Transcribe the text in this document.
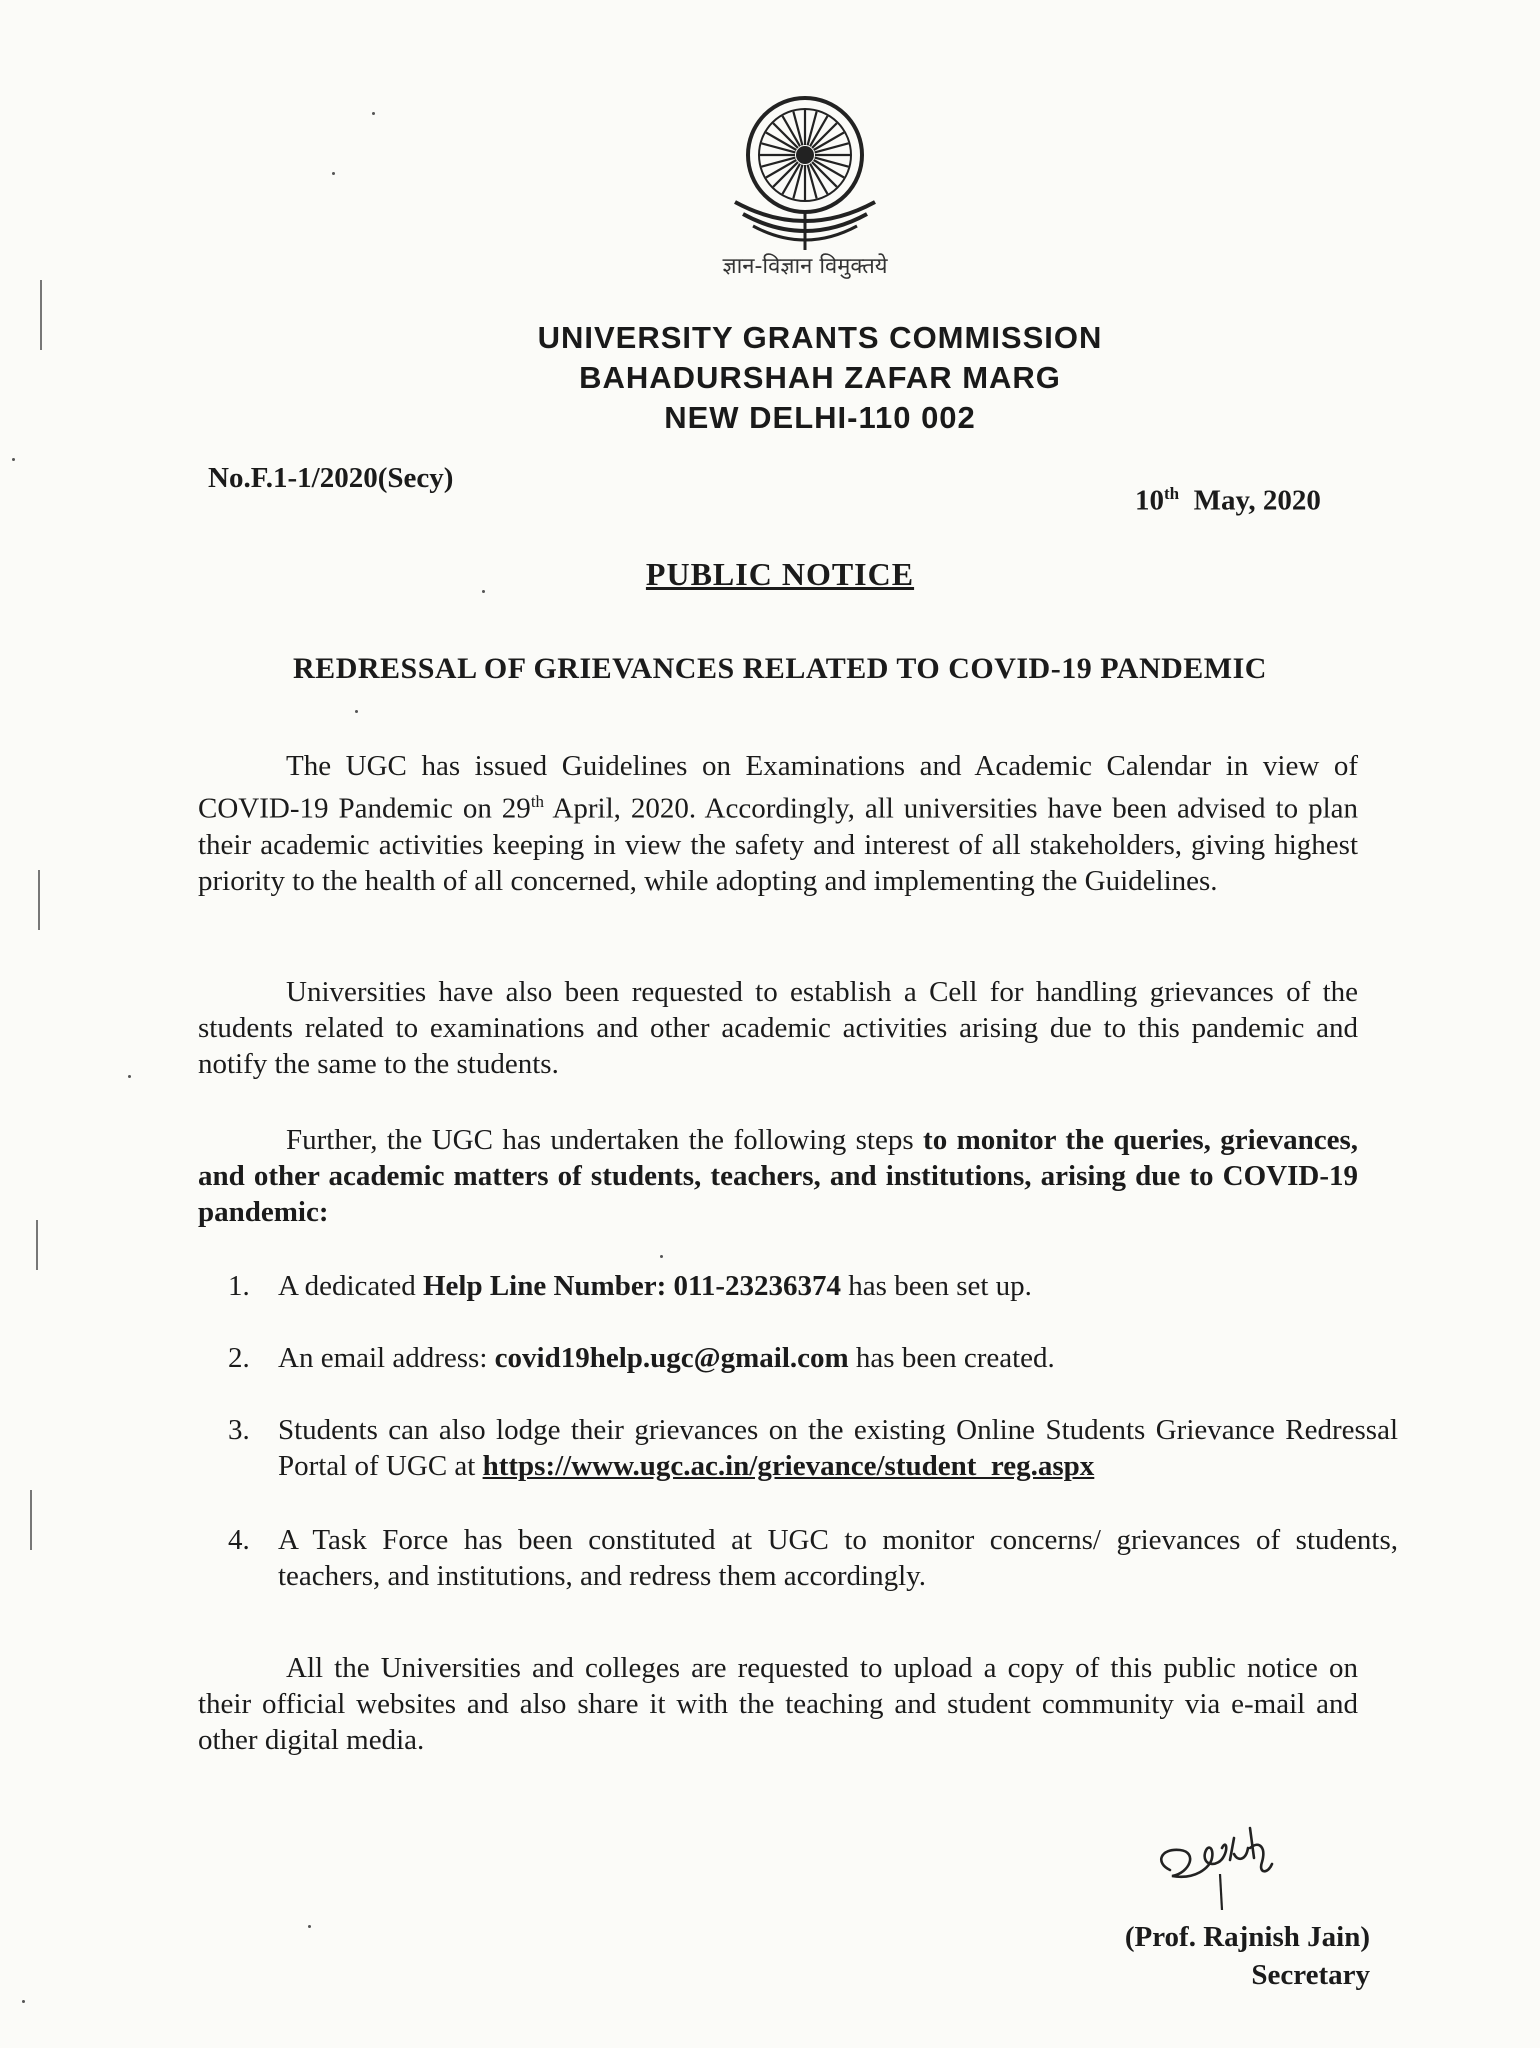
ज्ञान-विज्ञान विमुक्तये
UNIVERSITY GRANTS COMMISSION
BAHADURSHAH ZAFAR MARG
NEW DELHI-110 002
No.F.1-1/2020(Secy)
10th May, 2020
PUBLIC NOTICE
REDRESSAL OF GRIEVANCES RELATED TO COVID-19 PANDEMIC
The UGC has issued Guidelines on Examinations and Academic Calendar in view of COVID-19 Pandemic on 29th April, 2020. Accordingly, all universities have been advised to plan their academic activities keeping in view the safety and interest of all stakeholders, giving highest priority to the health of all concerned, while adopting and implementing the Guidelines.
Universities have also been requested to establish a Cell for handling grievances of the students related to examinations and other academic activities arising due to this pandemic and notify the same to the students.
Further, the UGC has undertaken the following steps to monitor the queries, grievances, and other academic matters of students, teachers, and institutions, arising due to COVID-19 pandemic:
1. A dedicated Help Line Number: 011-23236374 has been set up.
2. An email address: covid19help.ugc@gmail.com has been created.
3. Students can also lodge their grievances on the existing Online Students Grievance Redressal Portal of UGC at https://www.ugc.ac.in/grievance/student_reg.aspx
4. A Task Force has been constituted at UGC to monitor concerns/ grievances of students, teachers, and institutions, and redress them accordingly.
All the Universities and colleges are requested to upload a copy of this public notice on their official websites and also share it with the teaching and student community via e-mail and other digital media.
(Prof. Rajnish Jain)
Secretary
